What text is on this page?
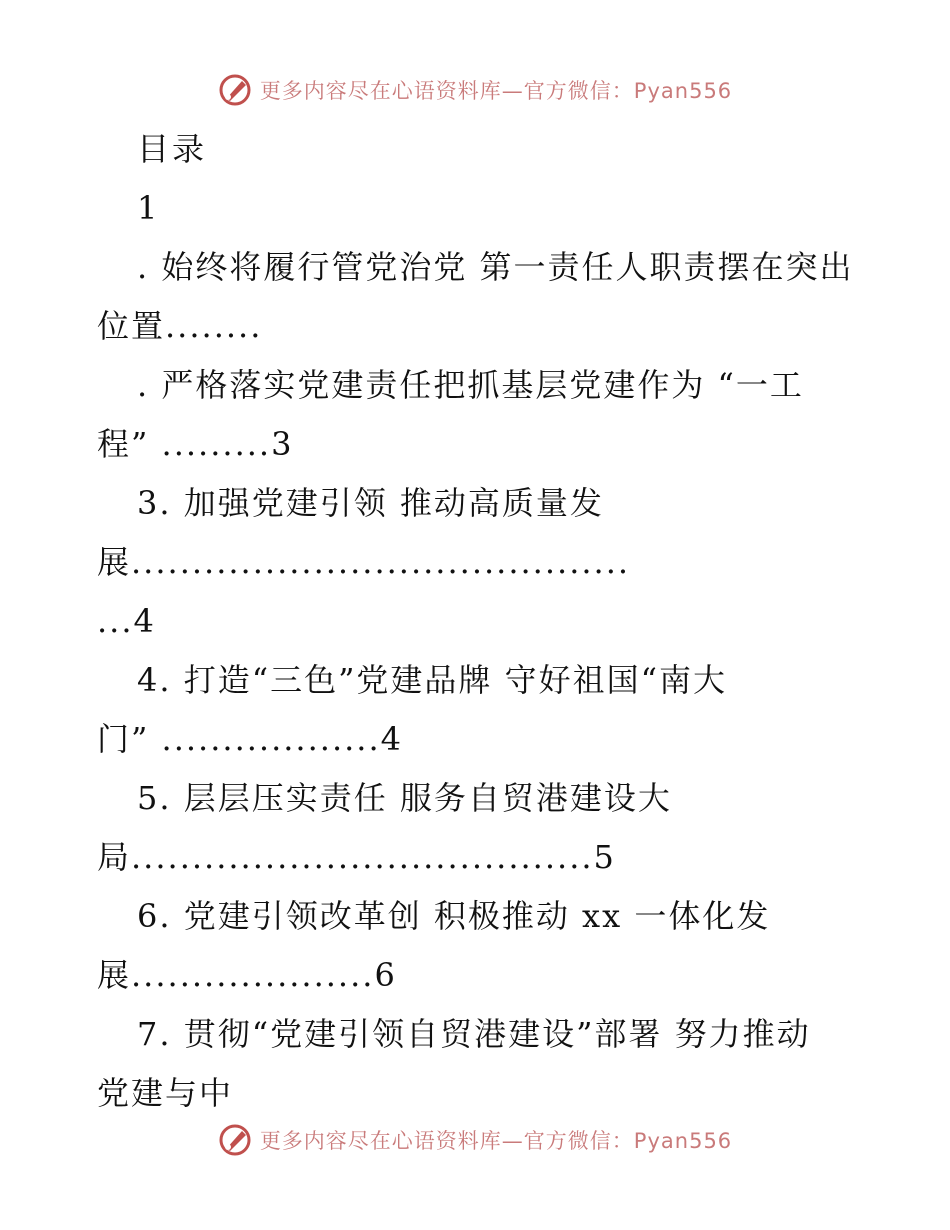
更多内容尽在心语资料库—官方微信：Pyan556
目录
1
. 始终将履行管党治党 第一责任人职责摆在突出
位置........
. 严格落实党建责任把抓基层党建作为 “一工
程” .........3
3. 加强党建引领 推动高质量发
展.........................................
...4
4. 打造“三色”党建品牌 守好祖国“南大
门” ..................4
5. 层层压实责任 服务自贸港建设大
局......................................5
6. 党建引领改革创 积极推动 xx 一体化发
展....................6
7. 贯彻“党建引领自贸港建设”部署 努力推动
党建与中
更多内容尽在心语资料库—官方微信：Pyan556
